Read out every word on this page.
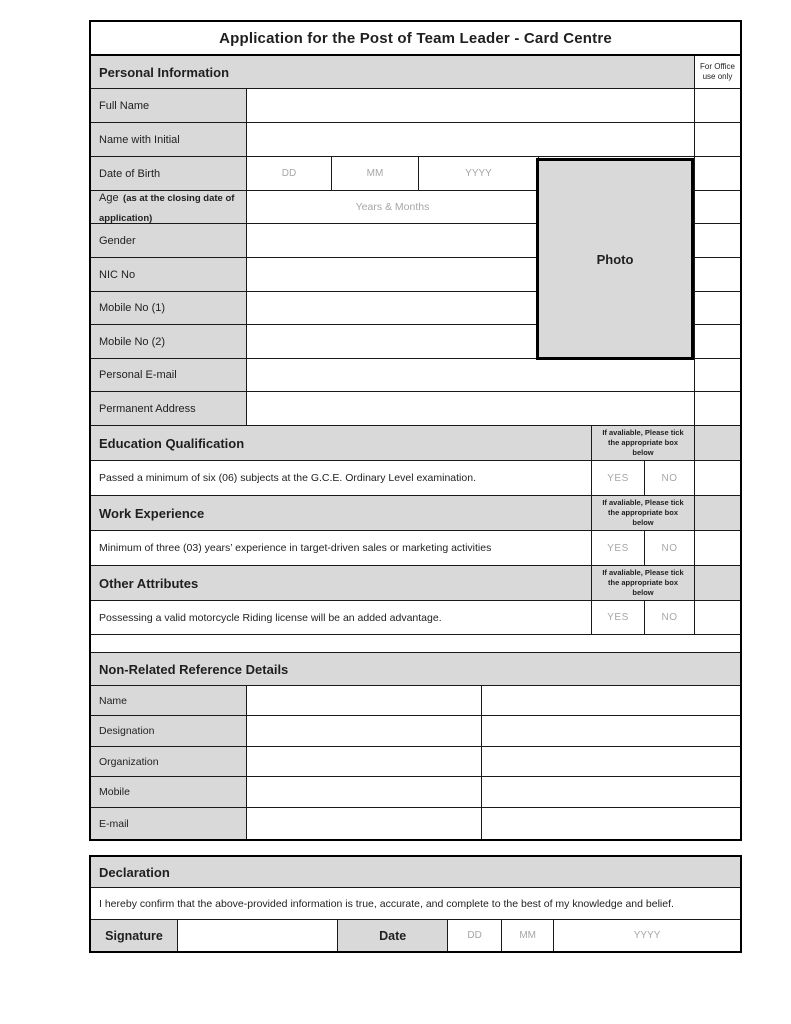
Application for the Post of Team Leader - Card Centre
Personal Information	For Office use only
Full Name
Name with Initial
Date of Birth	DD	MM	YYYY
Age (as at the closing date of application)
Years & Months
Gender
NIC No
Mobile No (1)
Mobile No (2)
Personal E-mail
Permanent Address
Education Qualification
If avaliable, Please tick the appropriate box below
Passed a minimum of six (06) subjects at the G.C.E. Ordinary Level examination.	YES	NO
Work Experience
If avaliable, Please tick the appropriate box below
Minimum of three (03) years’ experience in target-driven sales or marketing activities	YES	NO
Other Attributes
If avaliable, Please tick the appropriate box below
Possessing a valid motorcycle Riding license will be an added advantage.	YES	NO
Non-Related Reference Details
Name
Designation
Organization
Mobile
E-mail
Declaration
I hereby confirm that the above-provided information is true, accurate, and complete to the best of my knowledge and belief.
Signature	Date	DD	MM	YYYY
Photo
